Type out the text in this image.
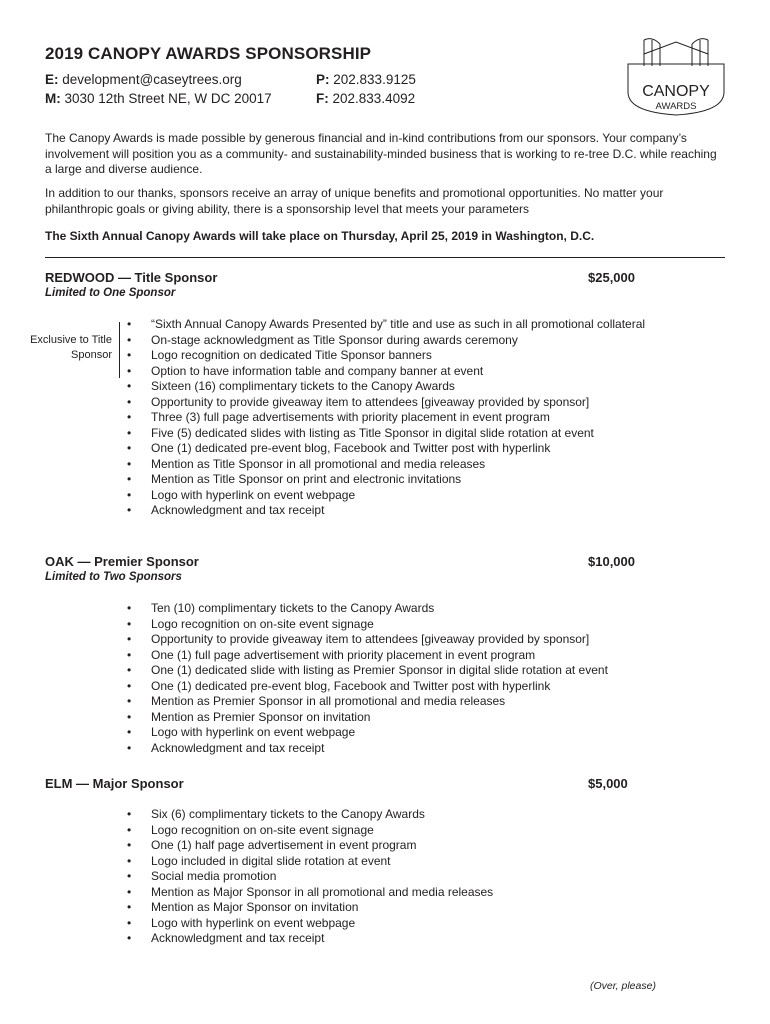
2019 CANOPY AWARDS SPONSORSHIP
E: development@caseytrees.org
M: 3030 12th Street NE, W DC 20017
P: 202.833.9125
F: 202.833.4092	CANOPY
AWARDS

The Canopy Awards is made possible by generous financial and in-kind contributions from our sponsors. Your company’s involvement will position you as a community- and sustainability-minded business that is working to re-tree D.C. while reaching a large and diverse audience.

In addition to our thanks, sponsors receive an array of unique benefits and promotional opportunities. No matter your philanthropic goals or giving ability, there is a sponsorship level that meets your parameters

The Sixth Annual Canopy Awards will take place on Thursday, April 25, 2019 in Washington, D.C.
REDWOOD — Title Sponsor	$25,000
Limited to One Sponsor
Exclusive to Title Sponsor
• “Sixth Annual Canopy Awards Presented by” title and use as such in all promotional collateral
• On-stage acknowledgment as Title Sponsor during awards ceremony
• Logo recognition on dedicated Title Sponsor banners
• Option to have information table and company banner at event
• Sixteen (16) complimentary tickets to the Canopy Awards
• Opportunity to provide giveaway item to attendees [giveaway provided by sponsor]
• Three (3) full page advertisements with priority placement in event program
• Five (5) dedicated slides with listing as Title Sponsor in digital slide rotation at event
• One (1) dedicated pre-event blog, Facebook and Twitter post with hyperlink
• Mention as Title Sponsor in all promotional and media releases
• Mention as Title Sponsor on print and electronic invitations
• Logo with hyperlink on event webpage
• Acknowledgment and tax receipt
OAK — Premier Sponsor	$10,000
Limited to Two Sponsors
• Ten (10) complimentary tickets to the Canopy Awards
• Logo recognition on on-site event signage
• Opportunity to provide giveaway item to attendees [giveaway provided by sponsor]
• One (1) full page advertisement with priority placement in event program
• One (1) dedicated slide with listing as Premier Sponsor in digital slide rotation at event
• One (1) dedicated pre-event blog, Facebook and Twitter post with hyperlink
• Mention as Premier Sponsor in all promotional and media releases
• Mention as Premier Sponsor on invitation
• Logo with hyperlink on event webpage
• Acknowledgment and tax receipt
ELM — Major Sponsor	$5,000
• Six (6) complimentary tickets to the Canopy Awards
• Logo recognition on on-site event signage
• One (1) half page advertisement in event program
• Logo included in digital slide rotation at event
• Social media promotion
• Mention as Major Sponsor in all promotional and media releases
• Mention as Major Sponsor on invitation
• Logo with hyperlink on event webpage
• Acknowledgment and tax receipt
(Over, please)
